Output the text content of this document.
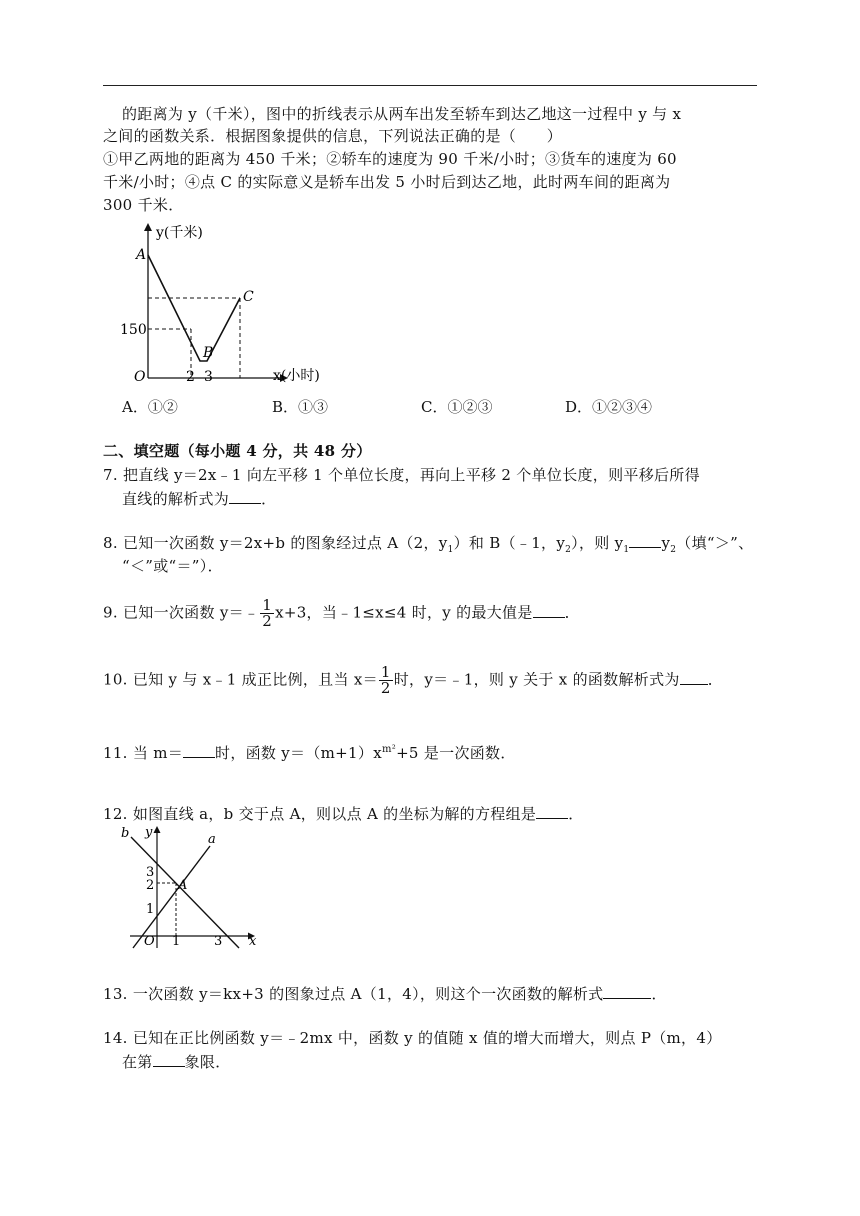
的距离为 y（千米），图中的折线表示从两车出发至轿车到达乙地这一过程中 y 与 x
之间的函数关系．根据图象提供的信息，下列说法正确的是（　　）
①甲乙两地的距离为 450 千米；②轿车的速度为 90 千米/小时；③货车的速度为 60
千米/小时；④点 C 的实际意义是轿车出发 5 小时后到达乙地，此时两车间的距离为
300 千米．
y(千米)
x(小时)
O
A
B
C
150
2 3
A．①②	B．①③	C．①②③	D．①②③④
二、填空题（每小题 4 分，共 48 分）
7. 把直线 y＝2x﹣1 向左平移 1 个单位长度，再向上平移 2 个单位长度，则平移后所得
直线的解析式为 ．
8. 已知一次函数 y＝2x+b 的图象经过点 A（2，$y_1$）和 B（﹣1，$y_2$），则 $y_1$ $y_2$（填“＞”、
“＜”或“＝”）．
9. 已知一次函数 y＝﹣ $\frac{1}{2} x+3$，当﹣1≤x≤4 时，y 的最大值是 ．
10. 已知 y 与 x﹣1 成正比例，且当 $x= \frac{1}{2}$ 时，y＝﹣1，则 y 关于 x 的函数解析式为 ．
11. 当 m＝ 时，函数 $y=(m+1)x^{m^2}+5$ 是一次函数．
12. 如图直线 a，b 交于点 A，则以点 A 的坐标为解的方程组是 ．
b y	a
3
2
1
A
O 1	3 x
13. 一次函数 y＝kx+3 的图象过点 A（1，4），则这个一次函数的解析式	．
14. 已知在正比例函数 y＝﹣2mx 中，函数 y 的值随 x 值的增大而增大，则点 P（m，4）
在第 象限．
